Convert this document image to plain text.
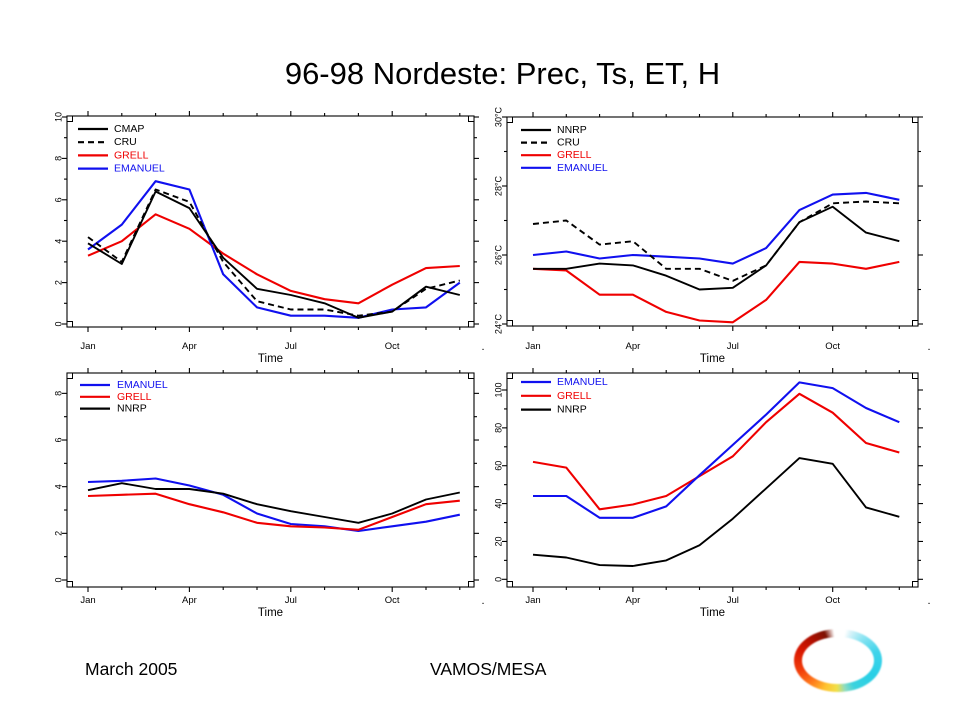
96-98 Nordeste: Prec, Ts, ET, H
0
2
4
6
8
10
Jan	Apr	Jul	Oct
CMAP
CRU
GRELL
EMANUEL
Time
.
24°C
26°C
28°C
30°C
Jan	Apr	Jul	Oct
NNRP
CRU
GRELL
EMANUEL
Time
.
0
2
4
6
8
Jan	Apr	Jul	Oct
EMANUEL
GRELL
NNRP
Time
.
0
20
40
60
80
100
Jan	Apr	Jul	Oct
EMANUEL
GRELL
NNRP
Time
.
March 2005	VAMOS/MESA
